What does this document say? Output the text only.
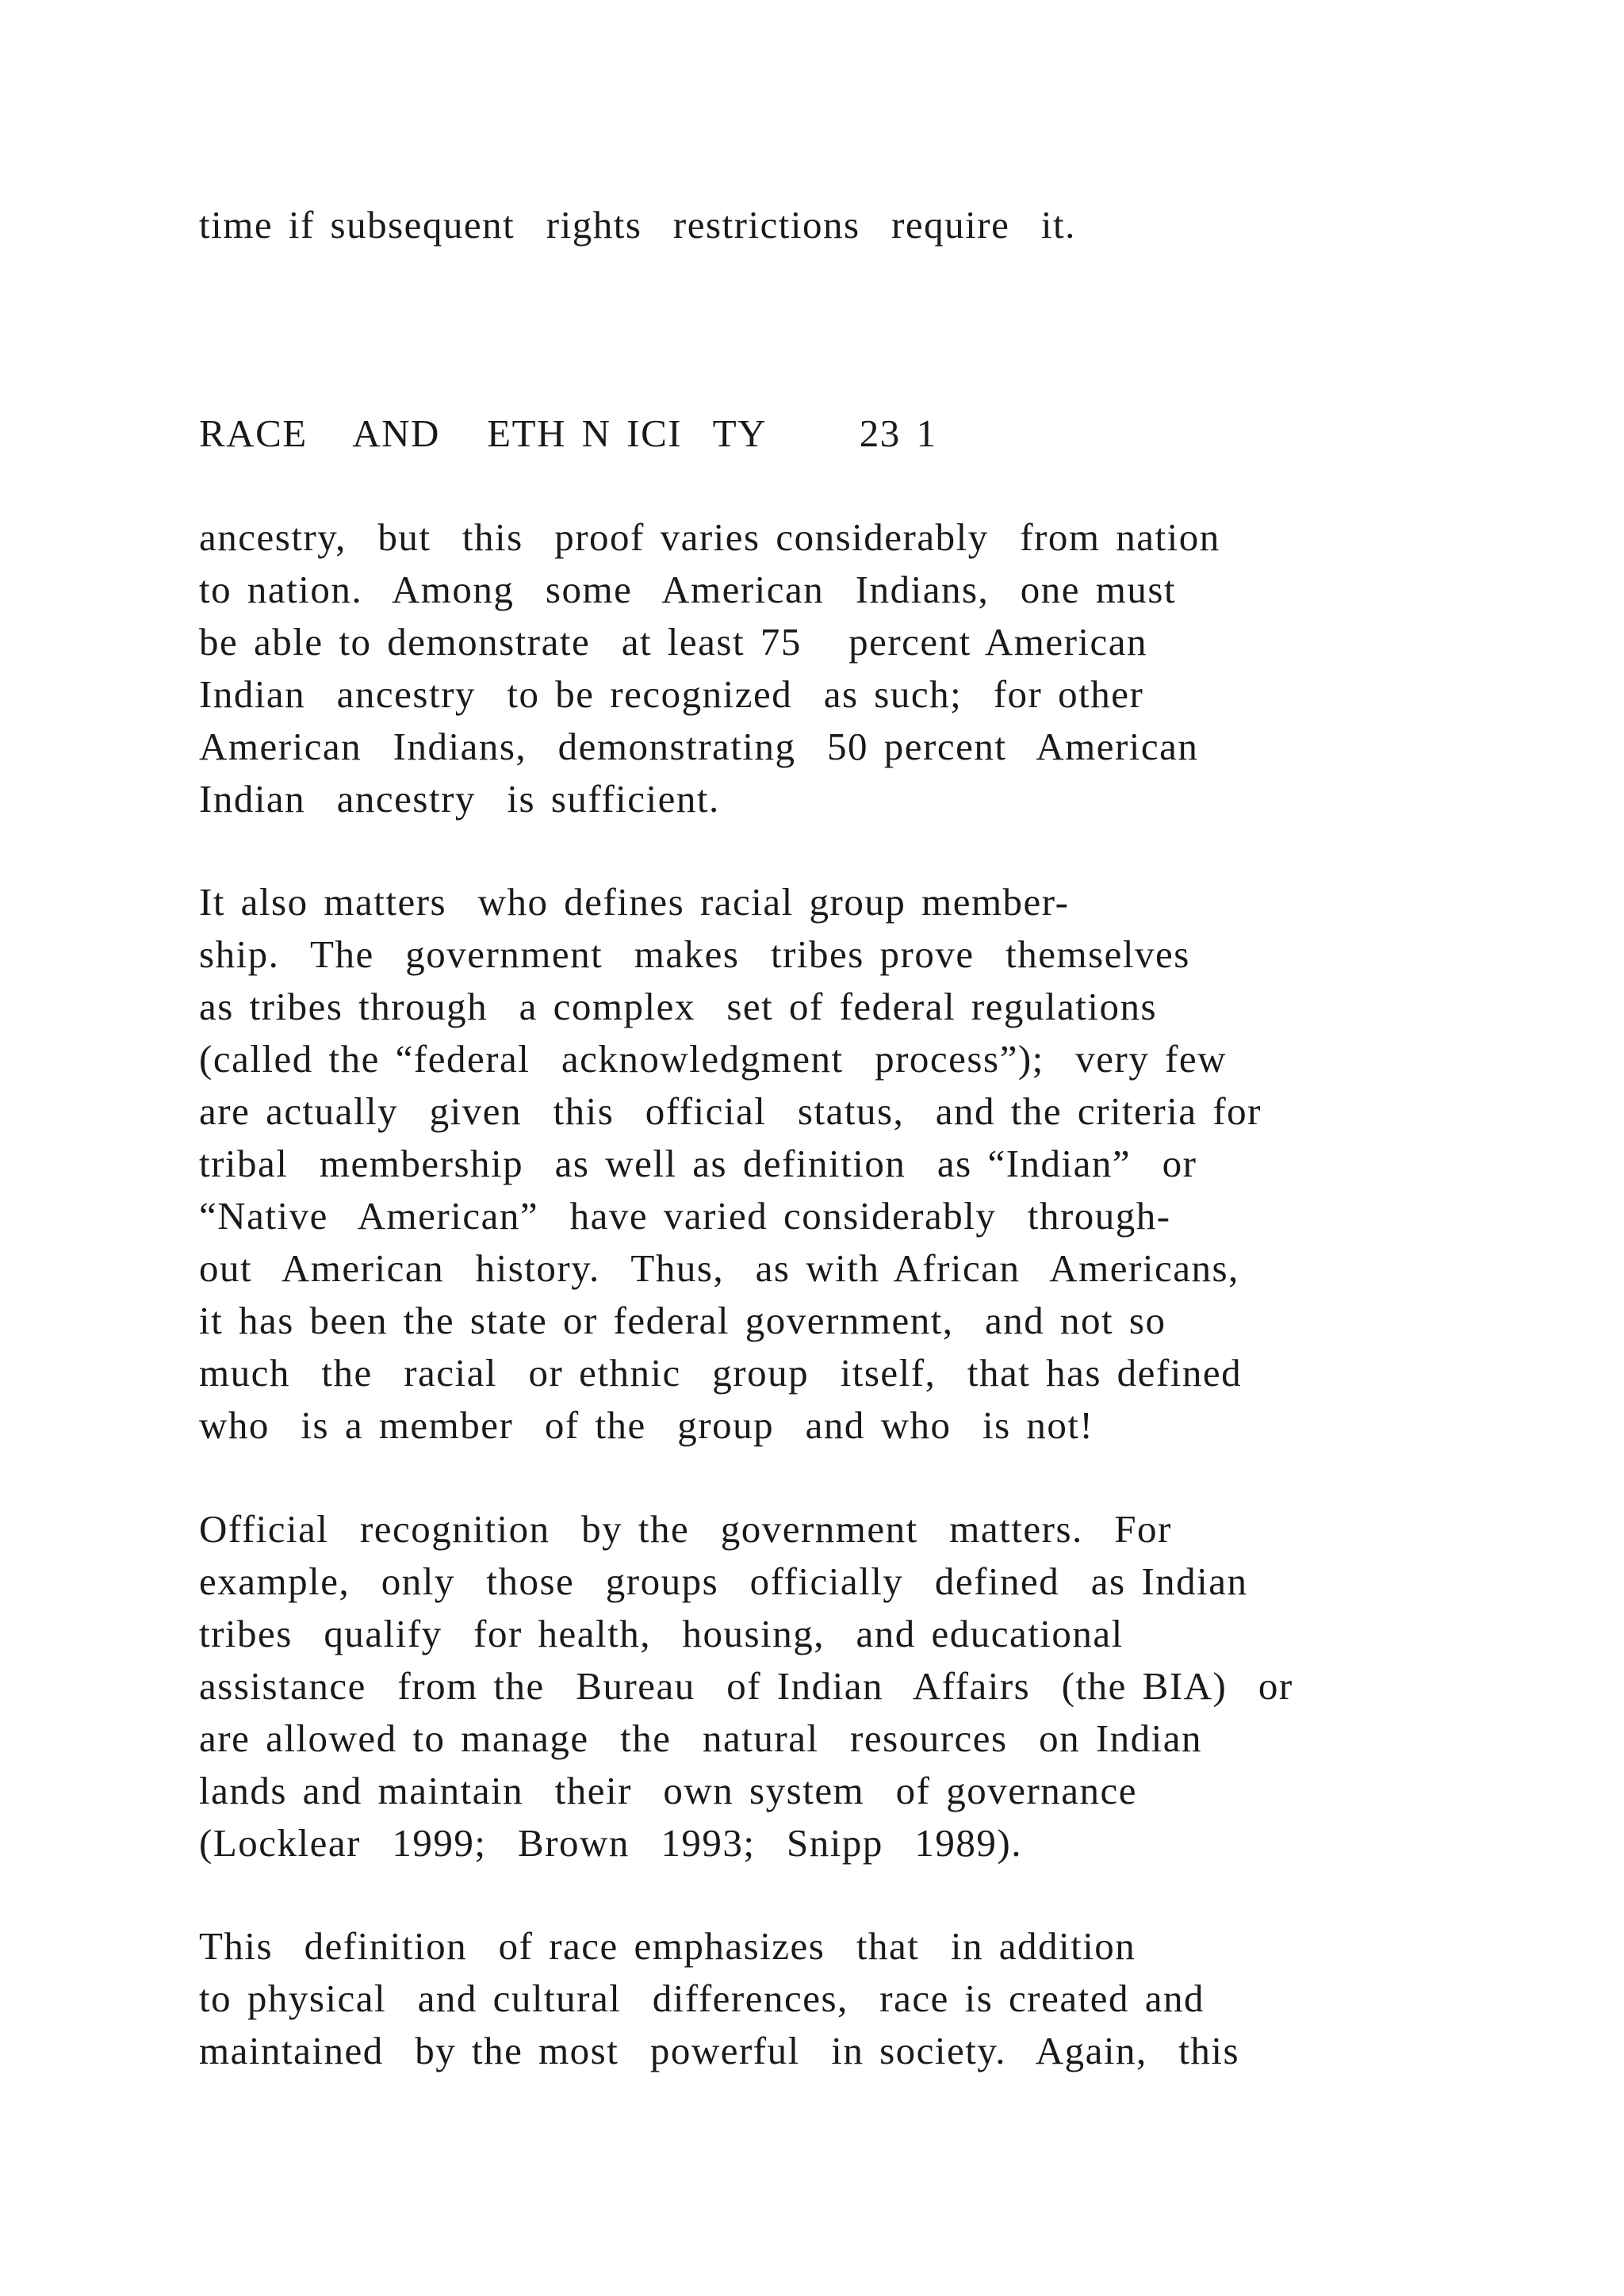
time if subsequent  rights  restrictions  require  it.
RACE   AND   ETH N ICI  TY      23 1
ancestry,  but  this  proof varies considerably  from nation
to nation.  Among  some  American  Indians,  one must
be able to demonstrate  at least 75   percent American
Indian  ancestry  to be recognized  as such;  for other
American  Indians,  demonstrating  50 percent  American
Indian  ancestry  is sufficient.
It also matters  who defines racial group member-
ship.  The  government  makes  tribes prove  themselves
as tribes through  a complex  set of federal regulations
(called the “federal  acknowledgment  process”);  very few
are actually  given  this  official  status,  and the criteria for
tribal  membership  as well as definition  as “Indian”  or
“Native  American”  have varied considerably  through-
out  American  history.  Thus,  as with African  Americans,
it has been the state or federal government,  and not so
much  the  racial  or ethnic  group  itself,  that has defined
who  is a member  of the  group  and who  is not!
Official  recognition  by the  government  matters.  For
example,  only  those  groups  officially  defined  as Indian
tribes  qualify  for health,  housing,  and educational
assistance  from the  Bureau  of Indian  Affairs  (the BIA)  or
are allowed to manage  the  natural  resources  on Indian
lands and maintain  their  own system  of governance
(Locklear  1999;  Brown  1993;  Snipp  1989).
This  definition  of race emphasizes  that  in addition
to physical  and cultural  differences,  race is created and
maintained  by the most  powerful  in society.  Again,  this
